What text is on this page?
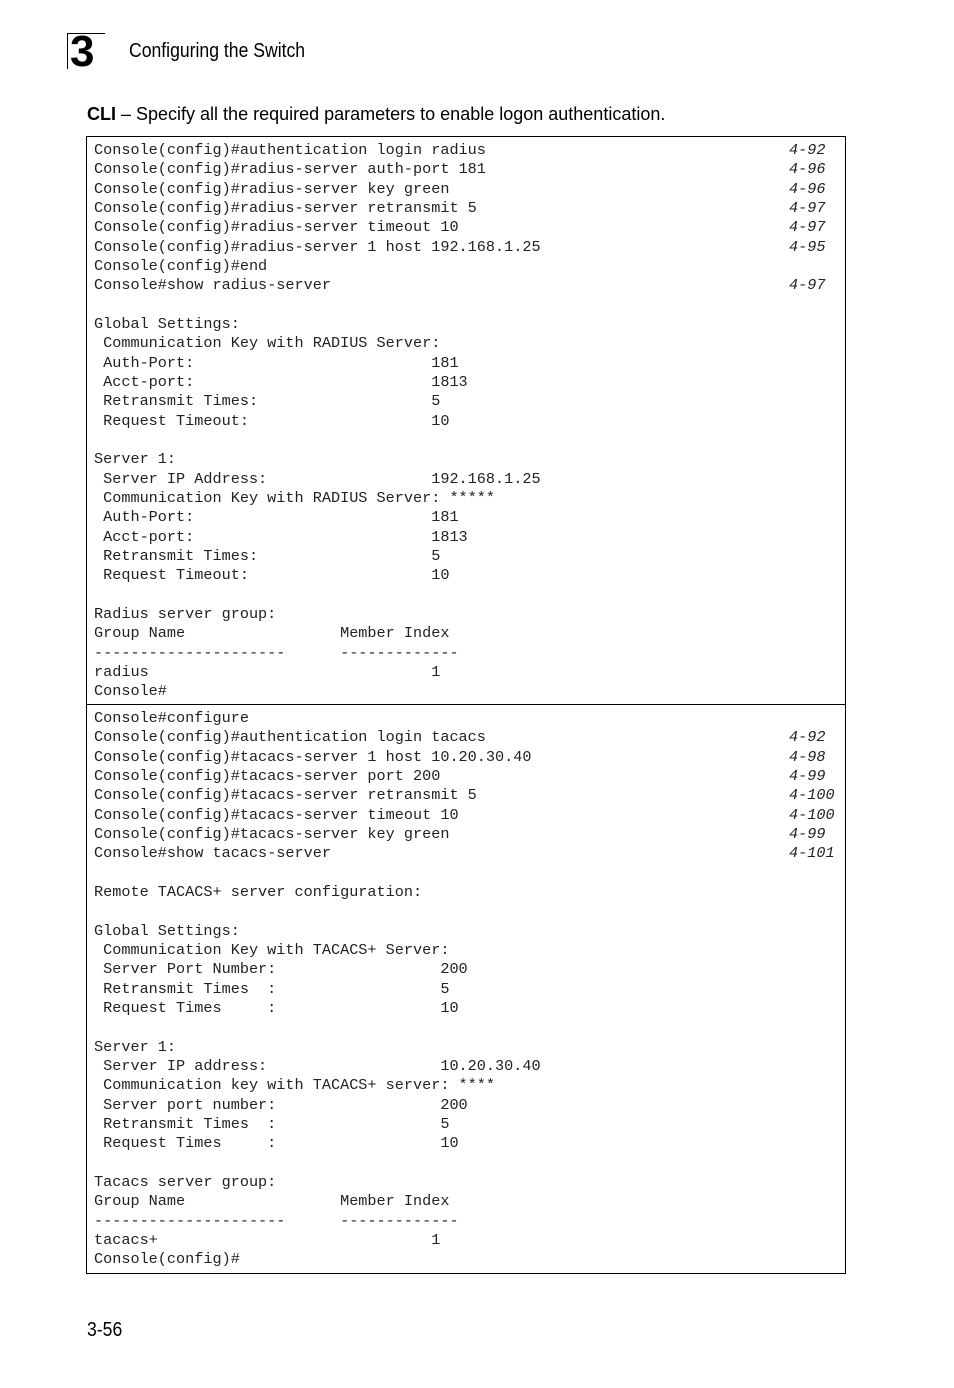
3 Configuring the Switch
CLI – Specify all the required parameters to enable logon authentication.
Console(config)#authentication login radius	4-92
Console(config)#radius-server auth-port 181	4-96
Console(config)#radius-server key green	4-96
Console(config)#radius-server retransmit 5	4-97
Console(config)#radius-server timeout 10	4-97
Console(config)#radius-server 1 host 192.168.1.25	4-95
Console(config)#end
Console#show radius-server	4-97
Global Settings:
Communication Key with RADIUS Server:
Auth-Port:                          181
Acct-port:                          1813
Retransmit Times:                   5
Request Timeout:                    10
Server 1:
Server IP Address:                  192.168.1.25
Communication Key with RADIUS Server: *****
Auth-Port:                          181
Acct-port:                          1813
Retransmit Times:                   5
Request Timeout:                    10
Radius server group:
Group Name                 Member Index
---------------------      -------------
radius                               1
Console#
Console#configure
Console(config)#authentication login tacacs	4-92
Console(config)#tacacs-server 1 host 10.20.30.40	4-98
Console(config)#tacacs-server port 200	4-99
Console(config)#tacacs-server retransmit 5	4-100
Console(config)#tacacs-server timeout 10	4-100
Console(config)#tacacs-server key green	4-99
Console#show tacacs-server	4-101
Remote TACACS+ server configuration:
Global Settings:
Communication Key with TACACS+ Server:
Server Port Number:                  200
Retransmit Times  :                  5
Request Times     :                  10
Server 1:
Server IP address:                   10.20.30.40
Communication key with TACACS+ server: ****
Server port number:                  200
Retransmit Times  :                  5
Request Times     :                  10
Tacacs server group:
Group Name                 Member Index
---------------------      -------------
tacacs+                              1
Console(config)#
3-56
